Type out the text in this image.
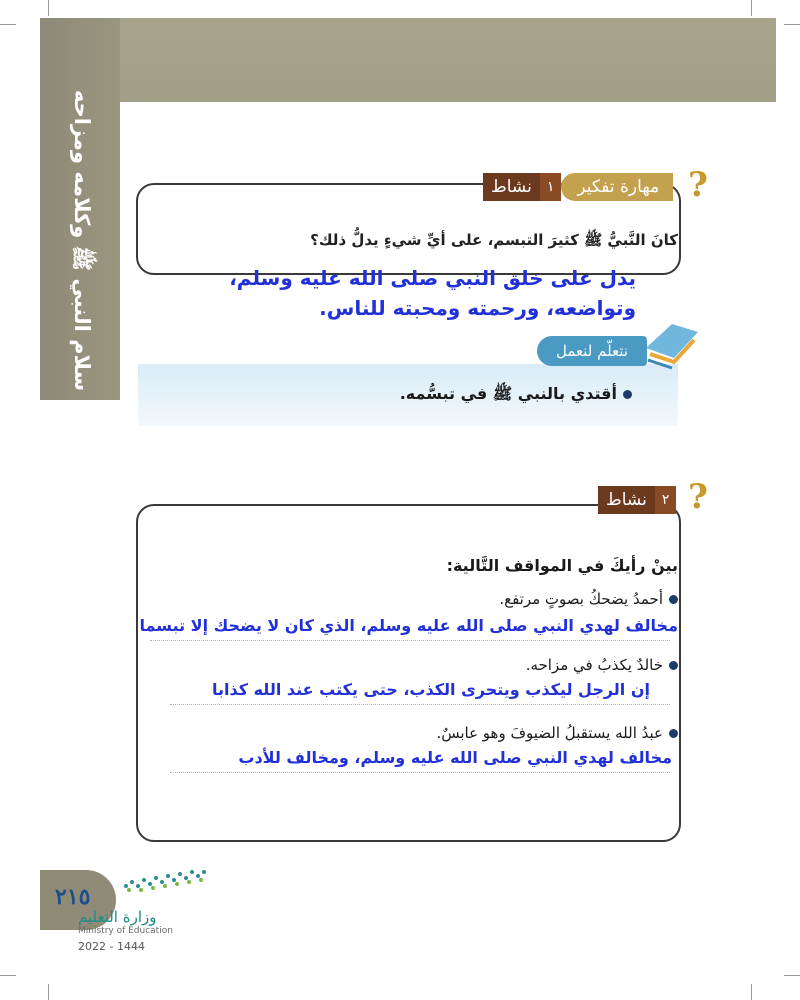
سلام النبي ﷺ وكلامه ومزاحه	?
مهارة تفكير
١
نشاط
كانَ النَّبيُّ ﷺ كثيرَ التبسم، على أيِّ شيءٍ يدلُّ ذلك؟
يدل على خلق النبي صلى الله عليه وسلم،
وتواضعه، ورحمته ومحبته للناس.
نتعلّم لنعمل
أقتدي بالنبي ﷺ في تبسُّمه.
?
٢
نشاط
بينْ رأيكَ في المواقف التَّالية:
أحمدُ يضحكُ بصوتٍ مرتفع.
مخالف لهدي النبي صلى الله عليه وسلم، الذي كان لا يضحك إلا تبسما
خالدٌ يكذبُ في مزاحه.
إن الرجل ليكذب ويتحرى الكذب، حتى يكتب عند الله كذابا
عبدُ الله يستقبلُ الضيوفَ وهو عابسٌ.
مخالف لهدي النبي صلى الله عليه وسلم، ومخالف للأدب
٢١٥
وزارة التعليم
Ministry of Education
2022 - 1444
